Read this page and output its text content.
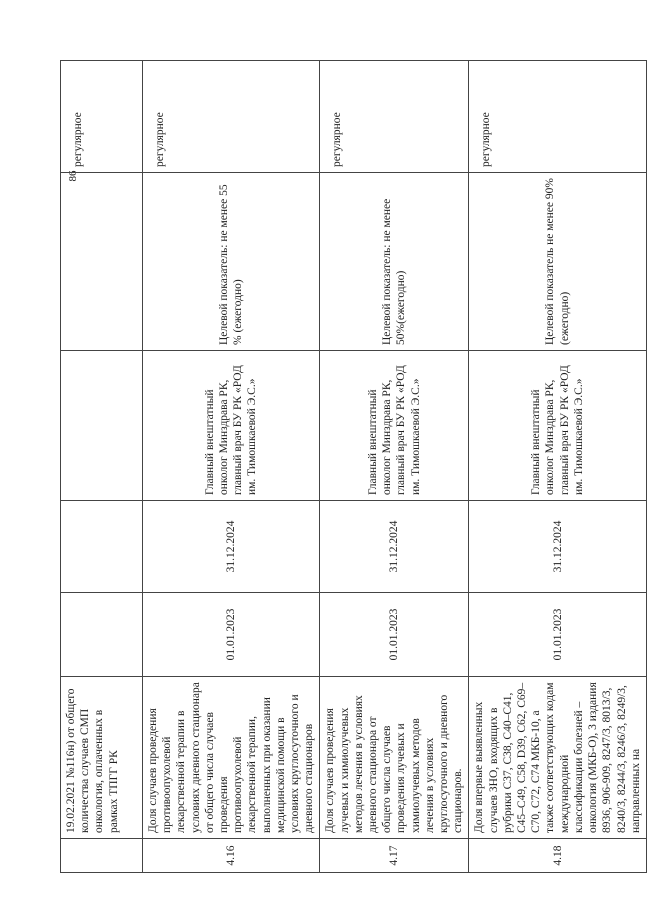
86
	19.02.2021 №116н) от общего количества случаев СМП онкология, оплаченных в рамках ТПГГ РК					регулярное
4.16	Доля случаев проведения противоопухолевой лекарственной терапии в условиях дневного стационара от общего числа случаев проведения противоопухолевой лекарственной терапии, выполненных при оказании медицинской помощи в условиях круглосуточного и дневного стационаров	01.01.2023	31.12.2024	Главный внештатный онколог Минздрава РК, главный врач БУ РК «РОД им. Тимошкаевой Э.С.»	Целевой показатель: не менее 55 % (ежегодно)	регулярное
4.17	Доля случаев проведения лучевых и химиолучевых методов лечения в условиях дневного стационара от общего числа случаев проведения лучевых и химиолучевых методов лечения в условиях круглосуточного и дневного стационаров.	01.01.2023	31.12.2024	Главный внештатный онколог Минздрава РК, главный врач БУ РК «РОД им. Тимошкаевой Э.С.»	Целевой показатель: не менее 50%(ежегодно)	регулярное
4.18	Доля впервые выявленных случаев ЗНО, входящих в рубрики С37, С38, С40–С41, С45–С49, С58, D39, С62, С69–С70, С72, С74 МКБ-10, а также соответствующих кодам международной классификации болезней – онкология (МКБ-О), 3 издания 8936, 906-909, 8247/3, 8013/3, 8240/3, 8244/3, 8246/3, 8249/3, направленных на	01.01.2023	31.12.2024	Главный внештатный онколог Минздрава РК, главный врач БУ РК «РОД им. Тимошкаевой Э.С.»	Целевой показатель не менее 90% (ежегодно)	регулярное
